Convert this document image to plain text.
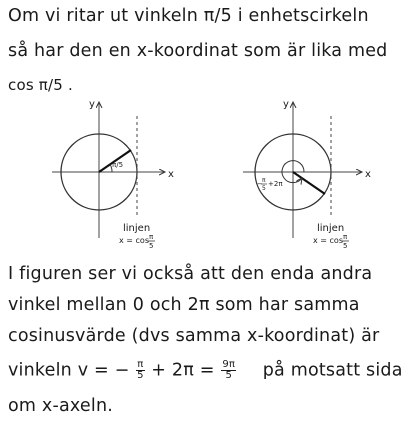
Om vi ritar ut vinkeln π/5 i enhetscirkeln
så har den en x-koordinat som är lika med
cos π/5 .
y
x
π/5
linjen
x = cos π
5
y
x
− π
5
+2π
linjen
x = cos π
5
I figuren ser vi också att den enda andra
vinkel mellan 0 och 2π som har samma
cosinusvärde (dvs samma x-koordinat) är
vinkeln v = − $\frac{\pi}{5} + 2\pi = \frac{9\pi}{5}$ på motsatt sida
om x-axeln.
